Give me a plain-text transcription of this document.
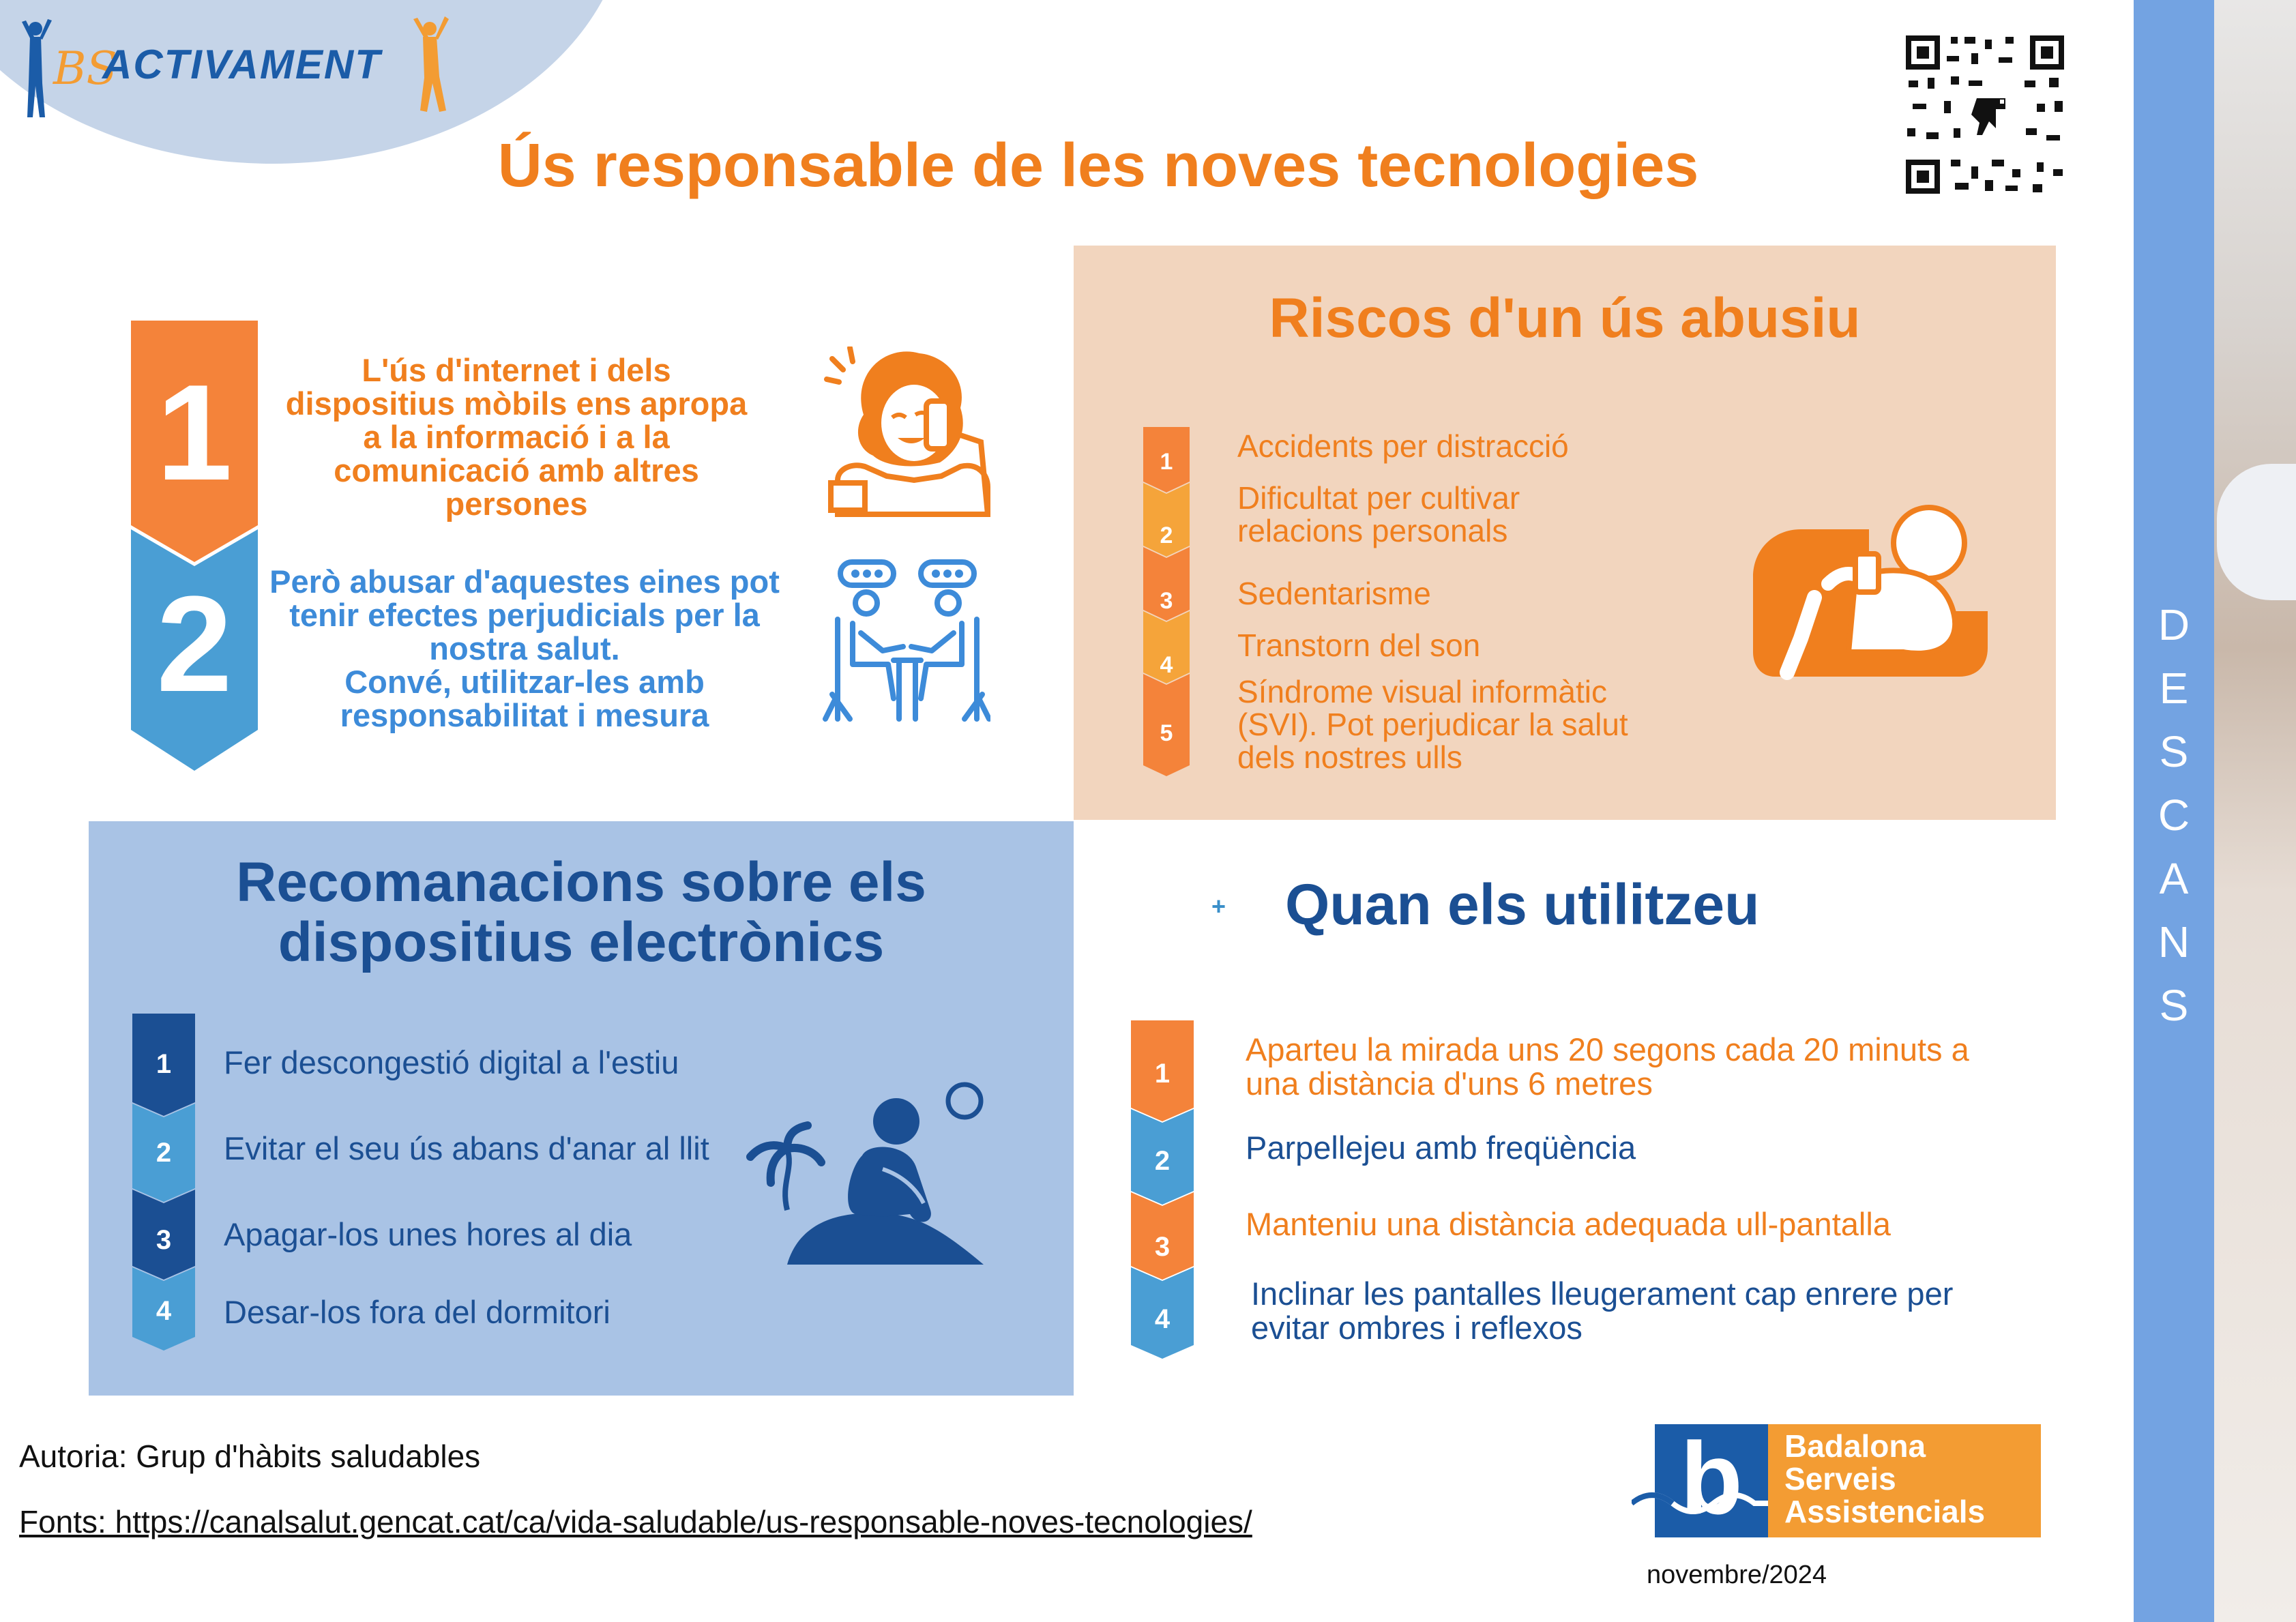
BS
ACTIVAMENT
Ús responsable de les noves tecnologies
D
E
S
C
A
N
S
1
2
L'ús d'internet i dels dispositius mòbils ens apropa a la informació i a la comunicació amb altres persones
Però abusar d'aquestes eines pot tenir efectes perjudicials per la nostra salut.
Convé, utilitzar-les amb responsabilitat i mesura
Riscos d'un ús abusiu
1
2
3
4
5
Accidents per distracció
Dificultat per cultivar relacions personals
Sedentarisme
Transtorn del son
Síndrome visual informàtic (SVI). Pot perjudicar la salut dels nostres ulls
Recomanacions sobre els
dispositius electrònics
1
2
3
4
Fer descongestió digital a l'estiu
Evitar el seu ús abans d'anar al llit
Apagar-los unes hores al dia
Desar-los fora del dormitori
+ Quan els utilitzeu
1
2
3
4
Aparteu la mirada uns 20 segons cada 20 minuts a una distància d'uns 6 metres
Parpellejeu amb freqüència
Manteniu una distància adequada ull-pantalla
Inclinar les pantalles lleugerament cap enrere per evitar ombres i reflexos
Autoria: Grup d'hàbits saludables
Fonts: https://canalsalut.gencat.cat/ca/vida-saludable/us-responsable-noves-tecnologies/	b	Badalona
Serveis
Assistencials
novembre/2024
